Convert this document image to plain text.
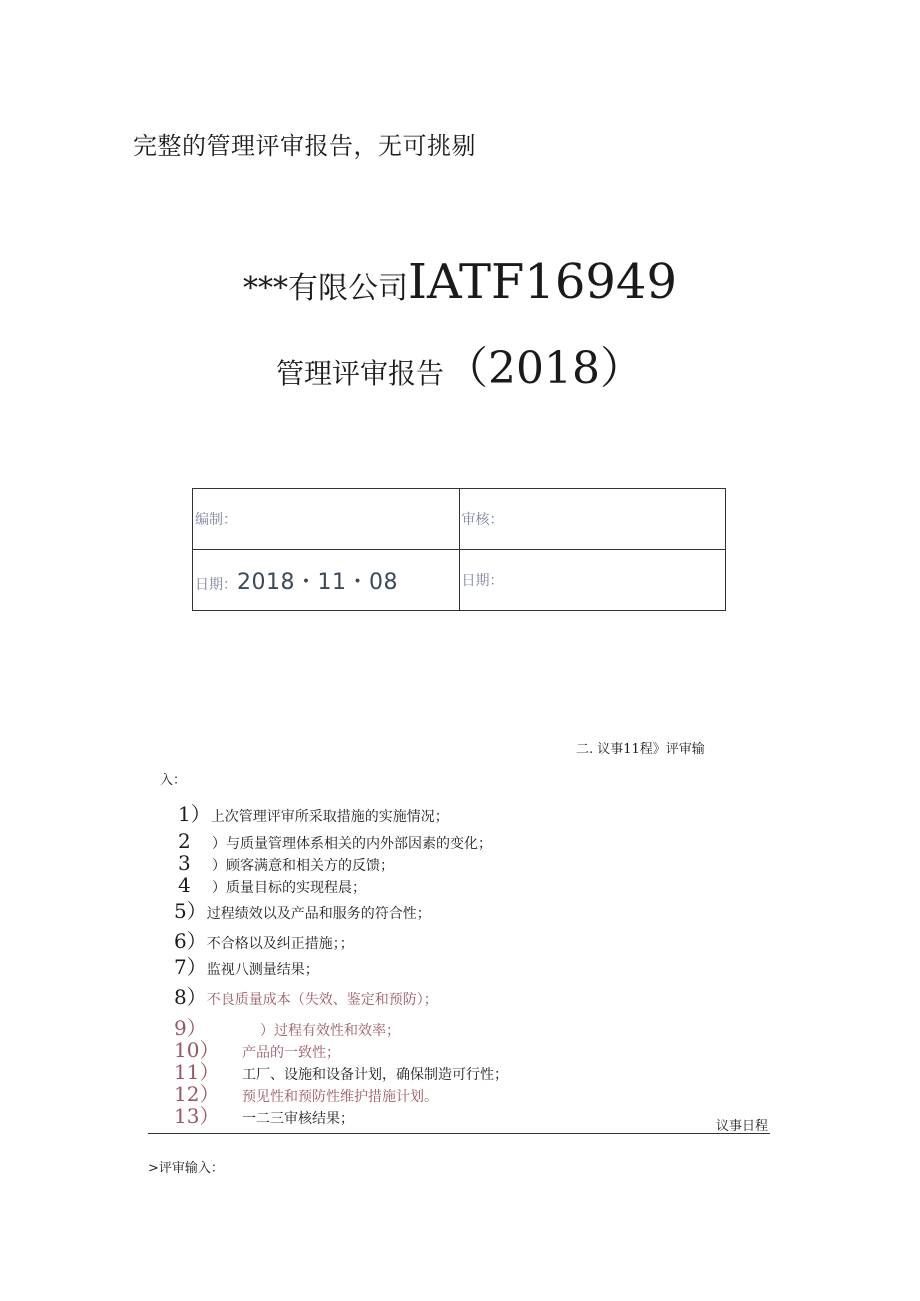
完整的管理评审报告，无可挑剔
***有限公司IATF16949
管理评审报告（2018）
编制：	审核：
日期：2018・11・08	日期：
二. 议事11程》评审输
入：
1）上次管理评审所采取措施的实施情况；
2 ）与质量管理体系相关的内外部因素的变化；
3 ）顾客满意和相关方的反馈；
4 ）质量目标的实现程晨；
5）过程绩效以及产品和服务的符合性；
6）不合格以及纠正措施；；
7）监视八测量结果；
8）不良质量成本（失效、鉴定和预防）；
9）	）过程有效性和效率；
10） 产品的一致性；
11） 工厂、设施和设备计划，确保制造可行性；
12） 预见性和预防性维护措施计划。
13） 一二三审核结果；	议事日程
>评审输入：
